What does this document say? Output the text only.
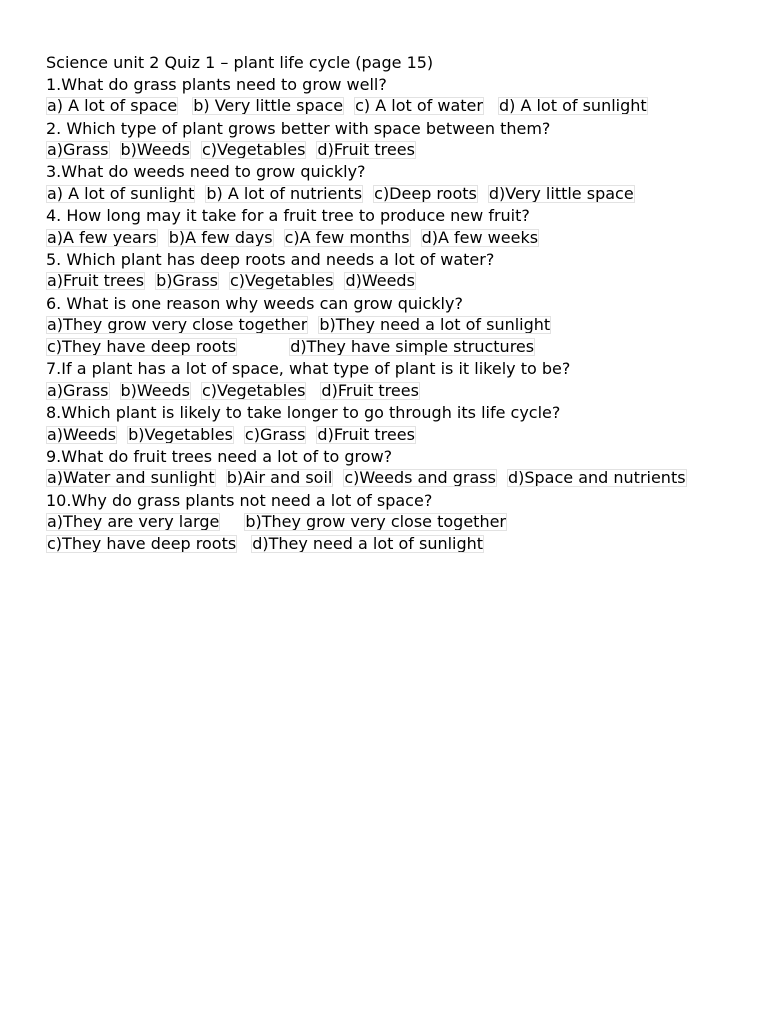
Science unit 2 Quiz 1 – plant life cycle (page 15)
1.What do grass plants need to grow well?
a) A lot of space b) Very little space c) A lot of water d) A lot of sunlight
2. Which type of plant grows better with space between them?
a)Grass b)Weeds c)Vegetables d)Fruit trees
3.What do weeds need to grow quickly?
a) A lot of sunlight b) A lot of nutrients c)Deep roots d)Very little space
4. How long may it take for a fruit tree to produce new fruit?
a)A few years b)A few days c)A few months d)A few weeks
5. Which plant has deep roots and needs a lot of water?
a)Fruit trees b)Grass c)Vegetables d)Weeds
6. What is one reason why weeds can grow quickly?
a)They grow very close together b)They need a lot of sunlight
c)They have deep roots	d)They have simple structures
7.If a plant has a lot of space, what type of plant is it likely to be?
a)Grass b)Weeds c)Vegetables d)Fruit trees
8.Which plant is likely to take longer to go through its life cycle?
a)Weeds b)Vegetables c)Grass d)Fruit trees
9.What do fruit trees need a lot of to grow?
a)Water and sunlight b)Air and soil c)Weeds and grass d)Space and nutrients
10.Why do grass plants not need a lot of space?
a)They are very large b)They grow very close together
c)They have deep roots d)They need a lot of sunlight
